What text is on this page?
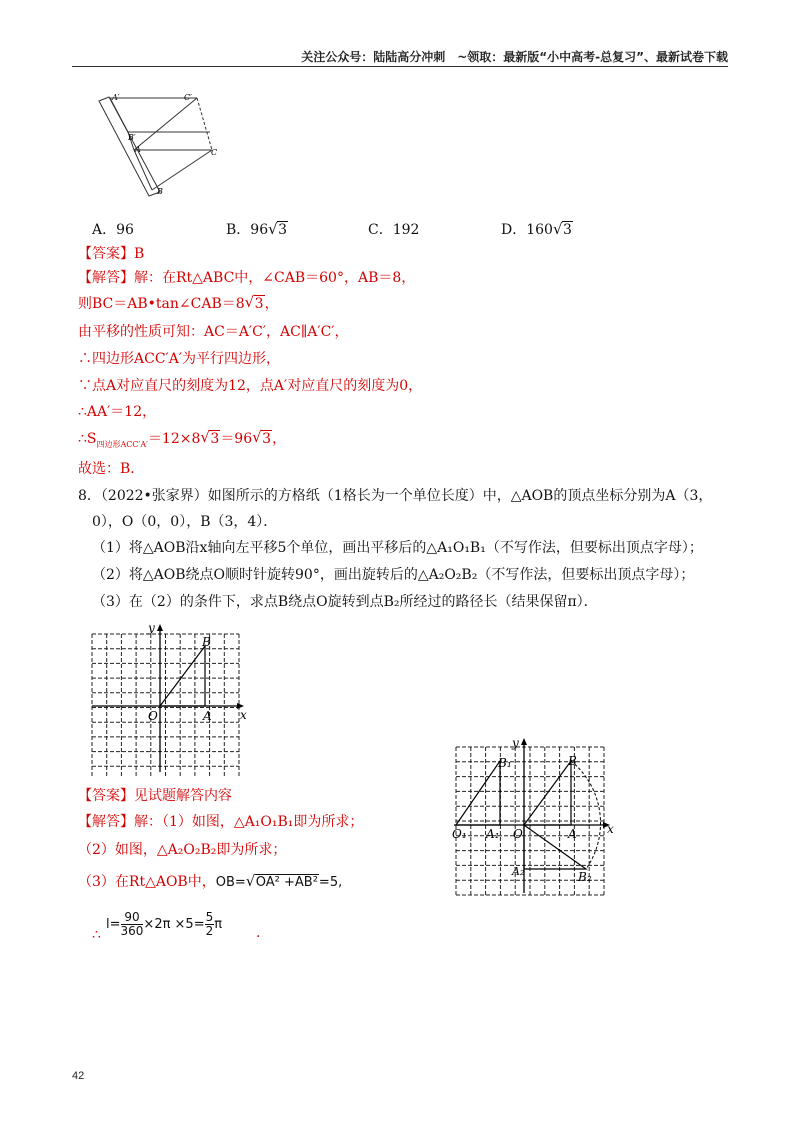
关注公众号：陆陆高分冲刺　~领取：最新版“小中高考-总复习”、最新试卷下载
A′	C′
B′
A	C
B
A．96	B．96√ 3	C．192	D．160√ 3
【答案】B
【解答】解：在Rt△ABC中，∠CAB＝60°，AB＝8，
则BC＝AB•tan∠CAB＝8√ 3，
由平移的性质可知：AC＝A′C′，AC∥A′C′，
∴四边形ACC′A′为平行四边形，
∵点A对应直尺的刻度为12，点A′对应直尺的刻度为0，
∴AA′＝12，
$\therefore S_{四边形ACC'A'}=12\times 8√$ 3＝96√ 3，
故选：B．
8．（2022•张家界）如图所示的方格纸（1格长为一个单位长度）中，△AOB的顶点坐标分别为A（3，
0），O（0，0），B（3，4）．
（1）将△AOB沿x轴向左平移5个单位，画出平移后的△A₁O₁B₁（不写作法，但要标出顶点字母）；
（2）将△AOB绕点O顺时针旋转90°，画出旋转后的△A₂O₂B₂（不写作法，但要标出顶点字母）；
（3）在（2）的条件下，求点B绕点O旋转到点B₂所经过的路径长（结果保留π）．
y
x
O	A
B
【答案】见试题解答内容
【解答】解：（1）如图，△A₁O₁B₁即为所求；
（2）如图，△A₂O₂B₂即为所求；
（3）在Rt△AOB中，OB=√ OA² +AB²=5,
∴
$l= \frac{90}{360} \times 2\pi \times 5= \frac{5}{2}$ π
.
y
x
O₁ A₁
B₁
O	A
B
A₂	B₂
42
